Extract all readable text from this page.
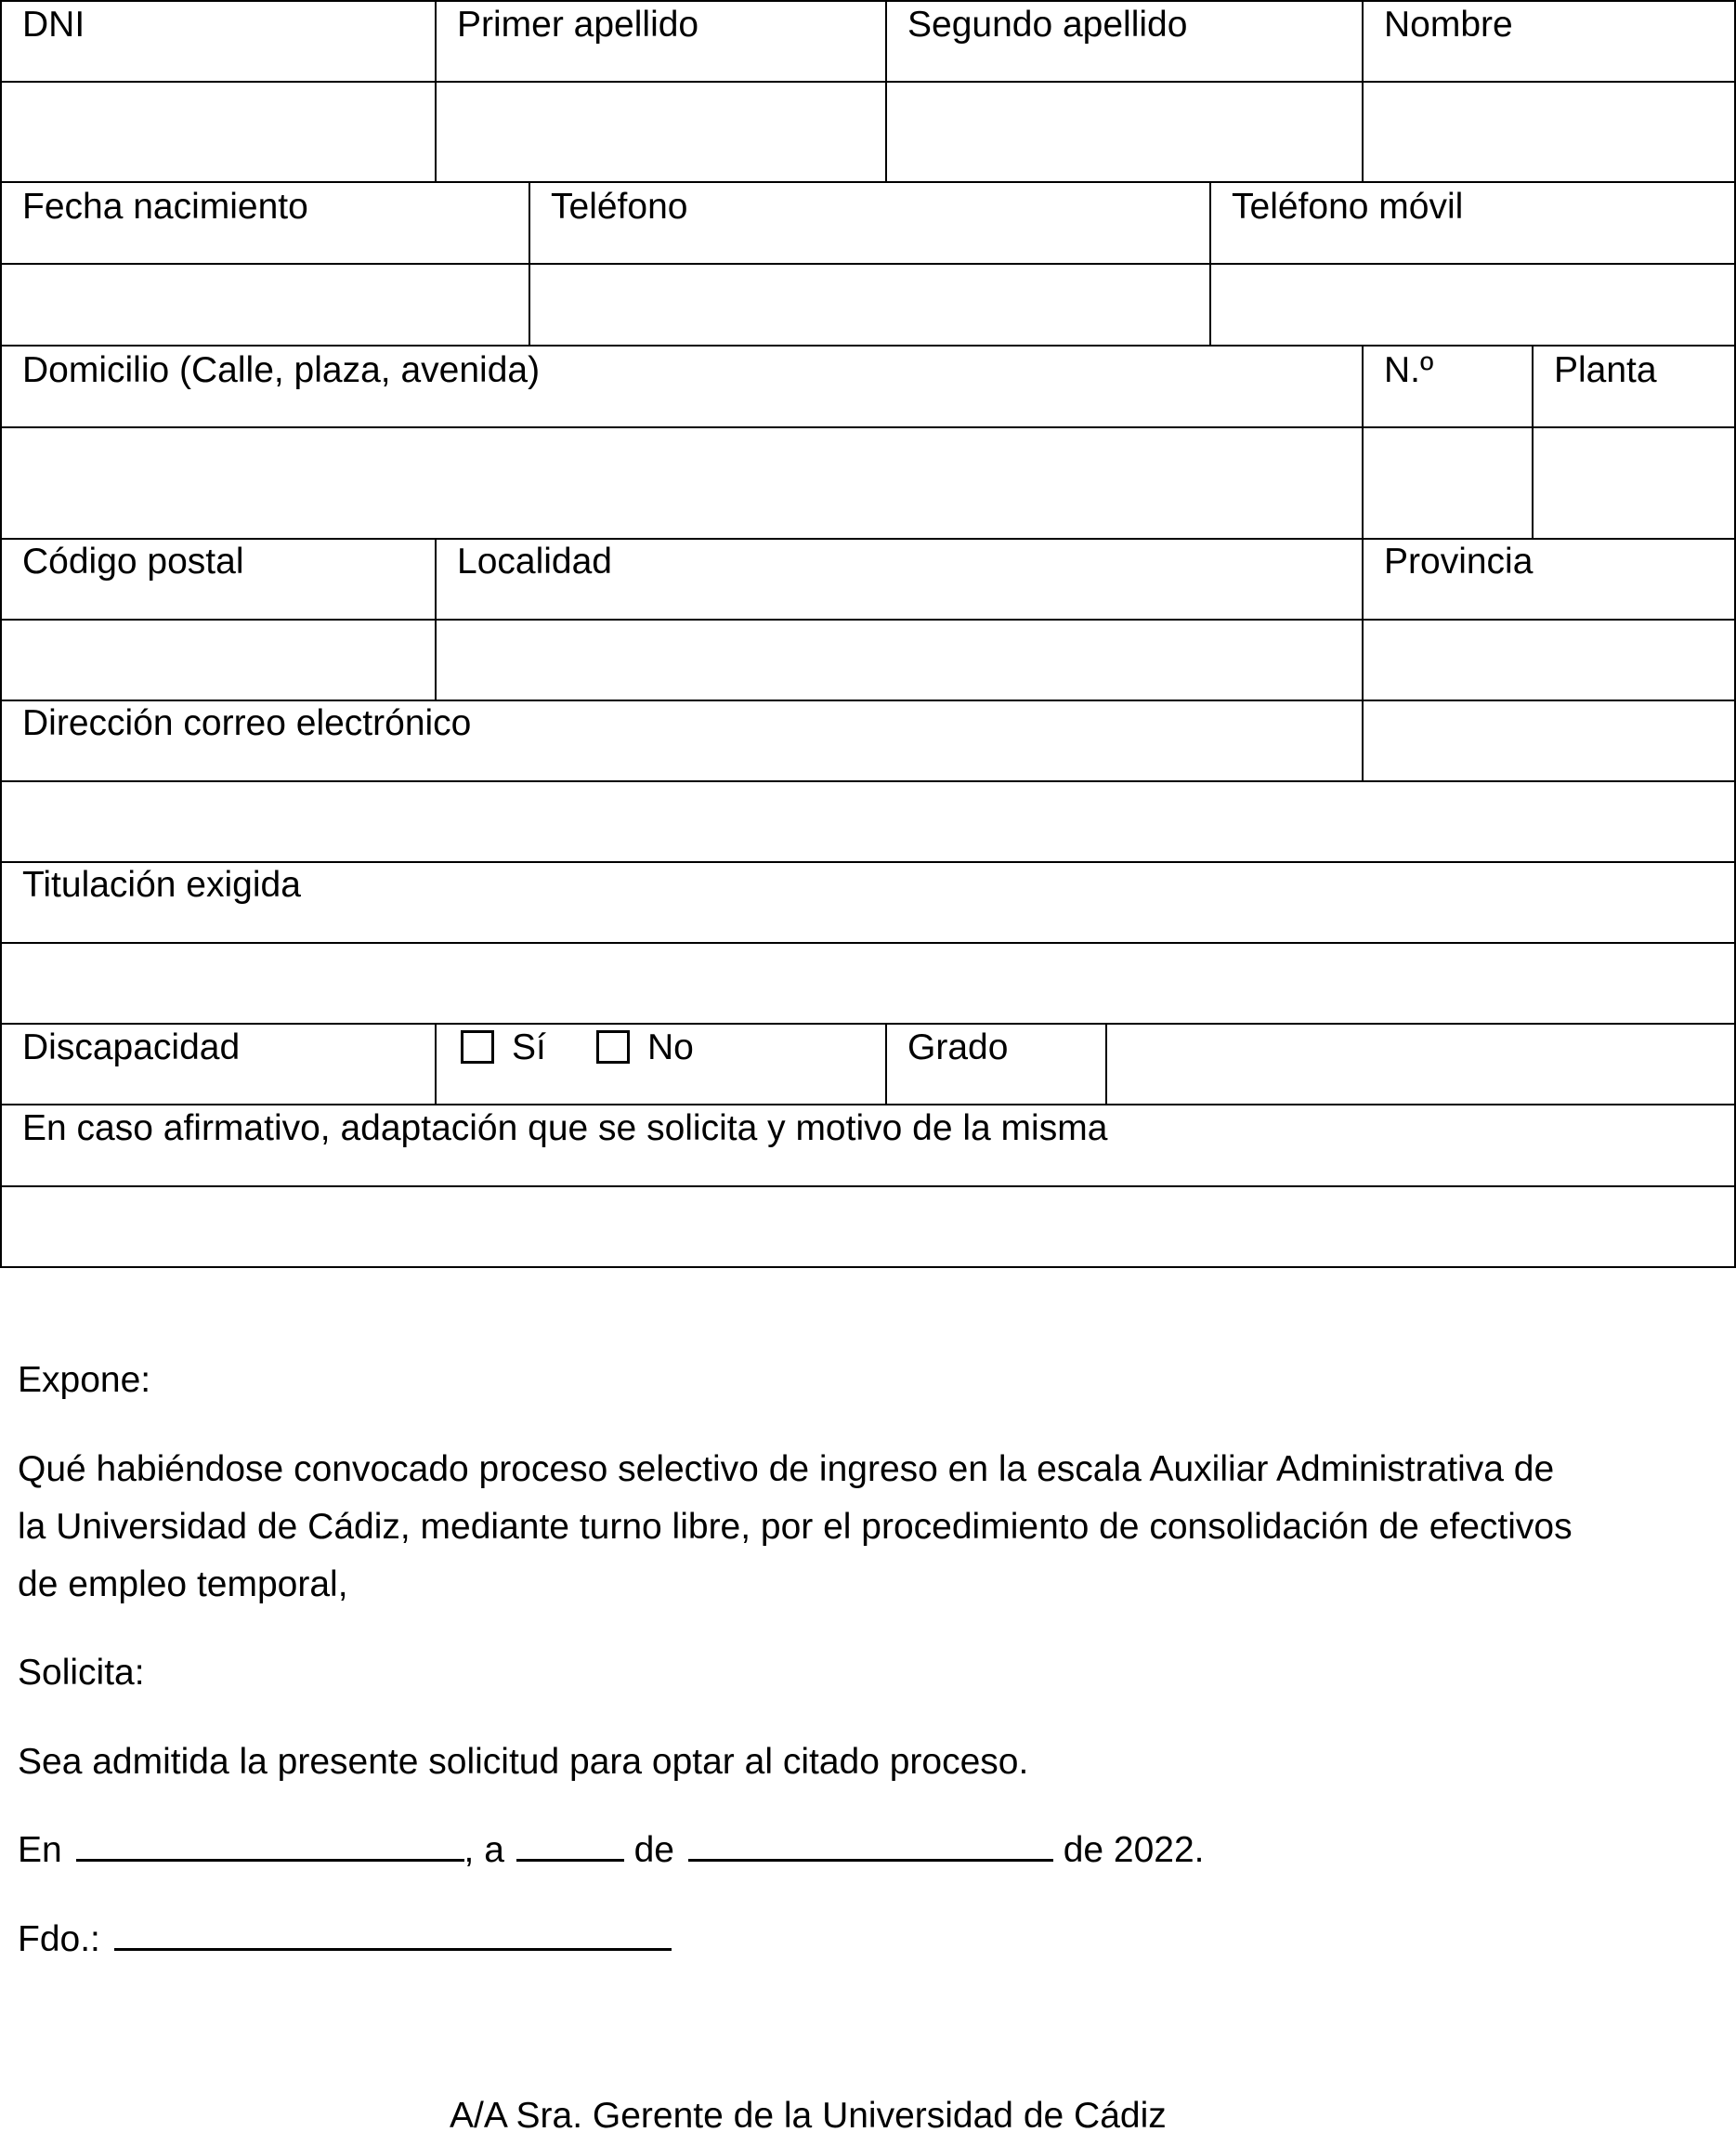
DNI	Primer apellido	Segundo apellido	Nombre
Fecha nacimiento	Teléfono	Teléfono móvil
Domicilio (Calle, plaza, avenida)	N.º	Planta
Código postal	Localidad	Provincia
Dirección correo electrónico
Titulación exigida
Discapacidad	Sí	No	Grado
En caso afirmativo, adaptación que se solicita y motivo de la misma
Expone:
Qué habiéndose convocado proceso selectivo de ingreso en la escala Auxiliar Administrativa de
la Universidad de Cádiz, mediante turno libre, por el procedimiento de consolidación de efectivos
de empleo temporal,
Solicita:
Sea admitida la presente solicitud para optar al citado proceso.
En	, a	de	de 2022.
Fdo.:
A/A Sra. Gerente de la Universidad de Cádiz
